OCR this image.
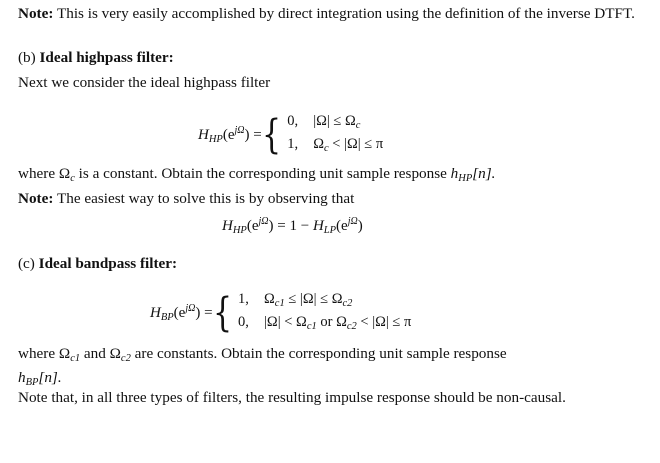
Note: This is very easily accomplished by direct integration using the definition of the inverse DTFT.

(b) Ideal highpass filter:

Next we consider the ideal highpass filter

$H_{HP}(e^{j\Omega})$ ={ 0, $|\Omega| \le \Omega_c$
1, $\Omega_c < |\Omega| \le \pi$

where $\Omega_c$ is a constant. Obtain the corresponding unit sample response $h_{HP}[n]$.

Note: The easiest way to solve this is by observing that

$H_{HP}(e^{j\Omega}) = 1 - H_{LP}(e^{j\Omega})$

(c) Ideal bandpass filter:

$H_{BP}(e^{j\Omega})$ ={ 1, $\Omega_{c1} \le |\Omega| \le \Omega_{c2}$
0, $|\Omega| < \Omega_{c1}$ or $\Omega_{c2} < |\Omega| \le \pi$

where $\Omega_{c1}$ and $\Omega_{c2}$ are constants. Obtain the corresponding unit sample response
$h_{BP}[n]$.

Note that, in all three types of filters, the resulting impulse response should be non-causal.
